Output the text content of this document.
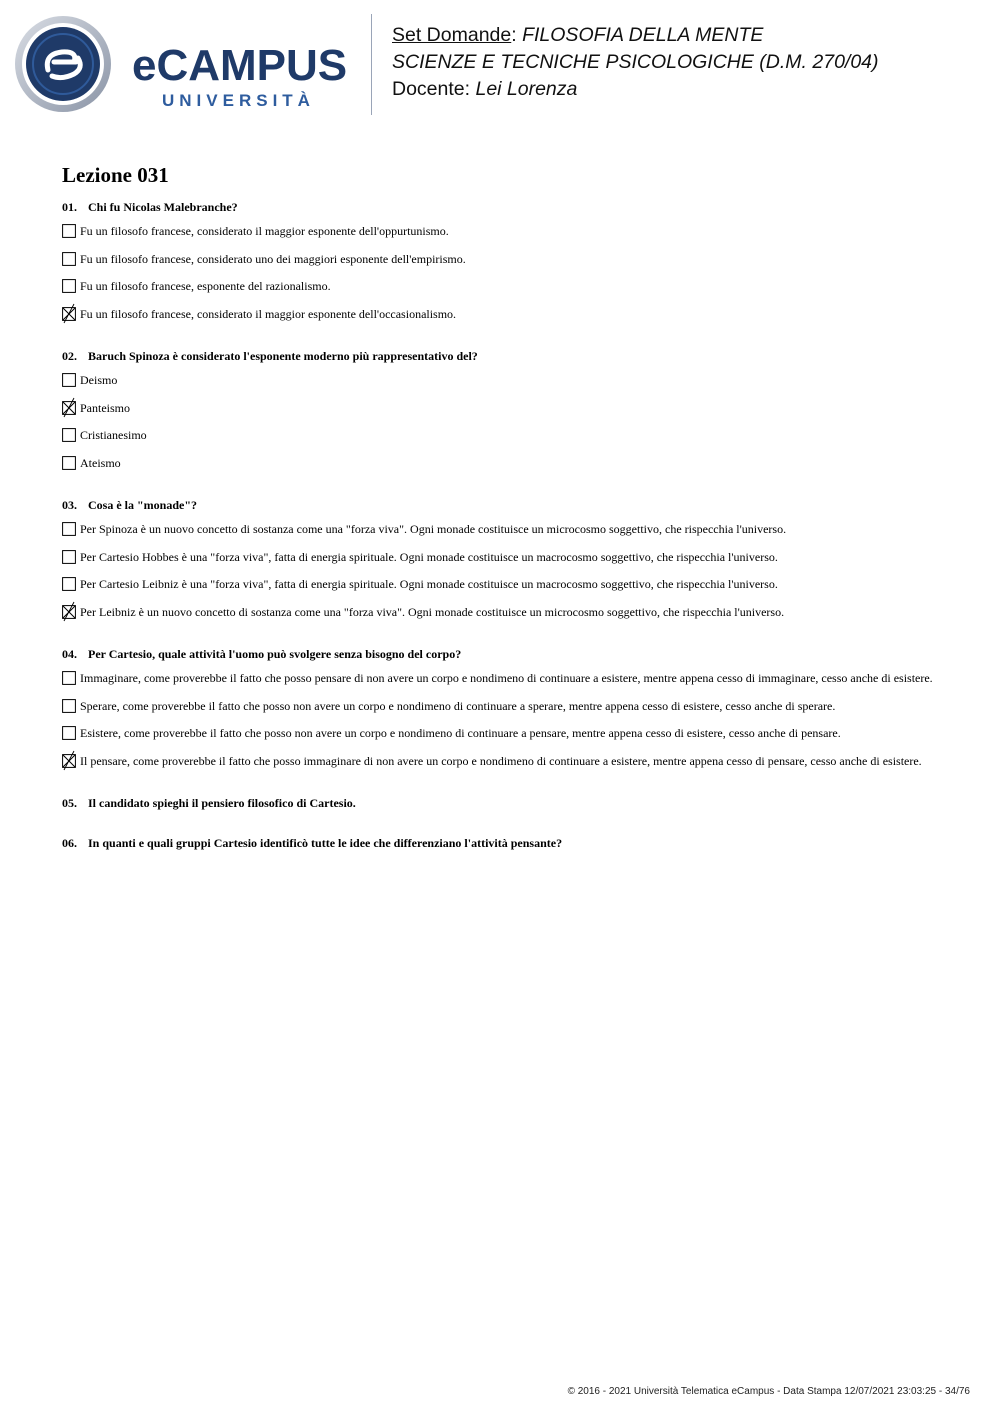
eCAMPUS
UNIVERSITÀ
Set Domande: FILOSOFIA DELLA MENTE
SCIENZE E TECNICHE PSICOLOGICHE (D.M. 270/04)
Docente: Lei Lorenza
Lezione 031
01. Chi fu Nicolas Malebranche?
Fu un filosofo francese, considerato il maggior esponente dell'oppurtunismo.
Fu un filosofo francese, considerato uno dei maggiori esponente dell'empirismo.
Fu un filosofo francese, esponente del razionalismo.
Fu un filosofo francese, considerato il maggior esponente dell'occasionalismo.
02. Baruch Spinoza è considerato l'esponente moderno più rappresentativo del?
Deismo
Panteismo
Cristianesimo
Ateismo
03. Cosa è la "monade"?
Per Spinoza è un nuovo concetto di sostanza come una "forza viva". Ogni monade costituisce un microcosmo soggettivo, che rispecchia l'universo.
Per Cartesio Hobbes è una "forza viva", fatta di energia spirituale. Ogni monade costituisce un macrocosmo soggettivo, che rispecchia l'universo.
Per Cartesio Leibniz è una "forza viva", fatta di energia spirituale. Ogni monade costituisce un macrocosmo soggettivo, che rispecchia l'universo.
Per Leibniz è un nuovo concetto di sostanza come una "forza viva". Ogni monade costituisce un microcosmo soggettivo, che rispecchia l'universo.
04. Per Cartesio, quale attività l'uomo può svolgere senza bisogno del corpo?
Immaginare, come proverebbe il fatto che posso pensare di non avere un corpo e nondimeno di continuare a esistere, mentre appena cesso di immaginare, cesso anche di esistere.
Sperare, come proverebbe il fatto che posso non avere un corpo e nondimeno di continuare a sperare, mentre appena cesso di esistere, cesso anche di sperare.
Esistere, come proverebbe il fatto che posso non avere un corpo e nondimeno di continuare a pensare, mentre appena cesso di esistere, cesso anche di pensare.
Il pensare, come proverebbe il fatto che posso immaginare di non avere un corpo e nondimeno di continuare a esistere, mentre appena cesso di pensare, cesso anche di esistere.
05. Il candidato spieghi il pensiero filosofico di Cartesio.
06. In quanti e quali gruppi Cartesio identificò tutte le idee che differenziano l'attività pensante?
© 2016 - 2021 Università Telematica eCampus - Data Stampa 12/07/2021 23:03:25 - 34/76
